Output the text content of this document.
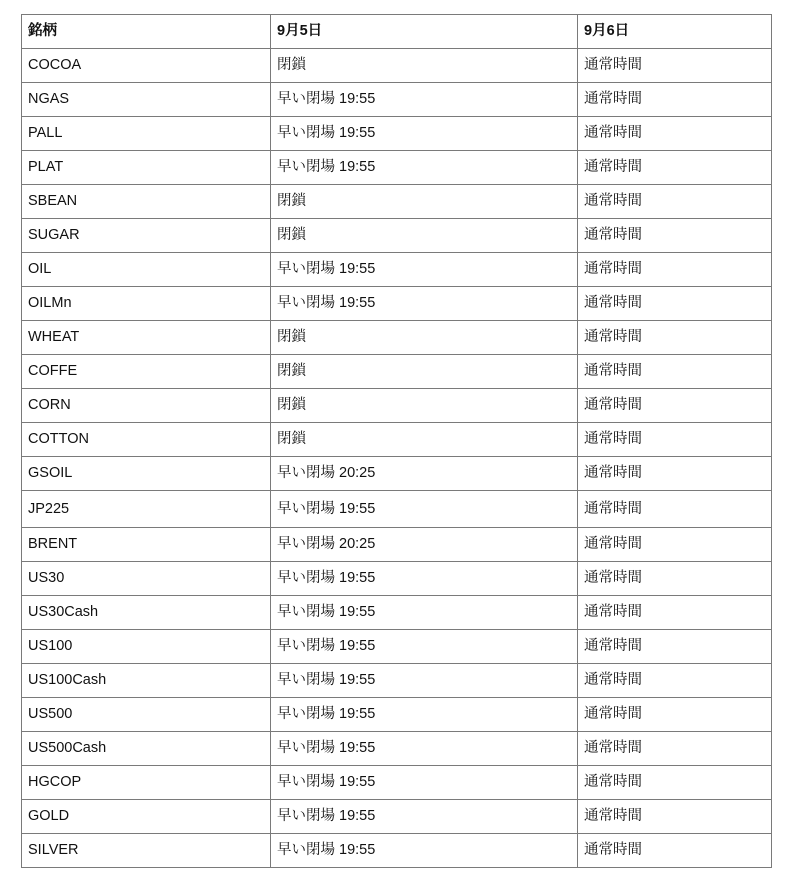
銘柄	9月5日	9月6日
COCOA	閉鎖	通常時間
NGAS	早い閉場 19:55	通常時間
PALL	早い閉場 19:55	通常時間
PLAT	早い閉場 19:55	通常時間
SBEAN	閉鎖	通常時間
SUGAR	閉鎖	通常時間
OIL	早い閉場 19:55	通常時間
OILMn	早い閉場 19:55	通常時間
WHEAT	閉鎖	通常時間
COFFE	閉鎖	通常時間
CORN	閉鎖	通常時間
COTTON	閉鎖	通常時間
GSOIL	早い閉場 20:25	通常時間
JP225	早い閉場 19:55	通常時間
BRENT	早い閉場 20:25	通常時間
US30	早い閉場 19:55	通常時間
US30Cash	早い閉場 19:55	通常時間
US100	早い閉場 19:55	通常時間
US100Cash	早い閉場 19:55	通常時間
US500	早い閉場 19:55	通常時間
US500Cash	早い閉場 19:55	通常時間
HGCOP	早い閉場 19:55	通常時間
GOLD	早い閉場 19:55	通常時間
SILVER	早い閉場 19:55	通常時間
